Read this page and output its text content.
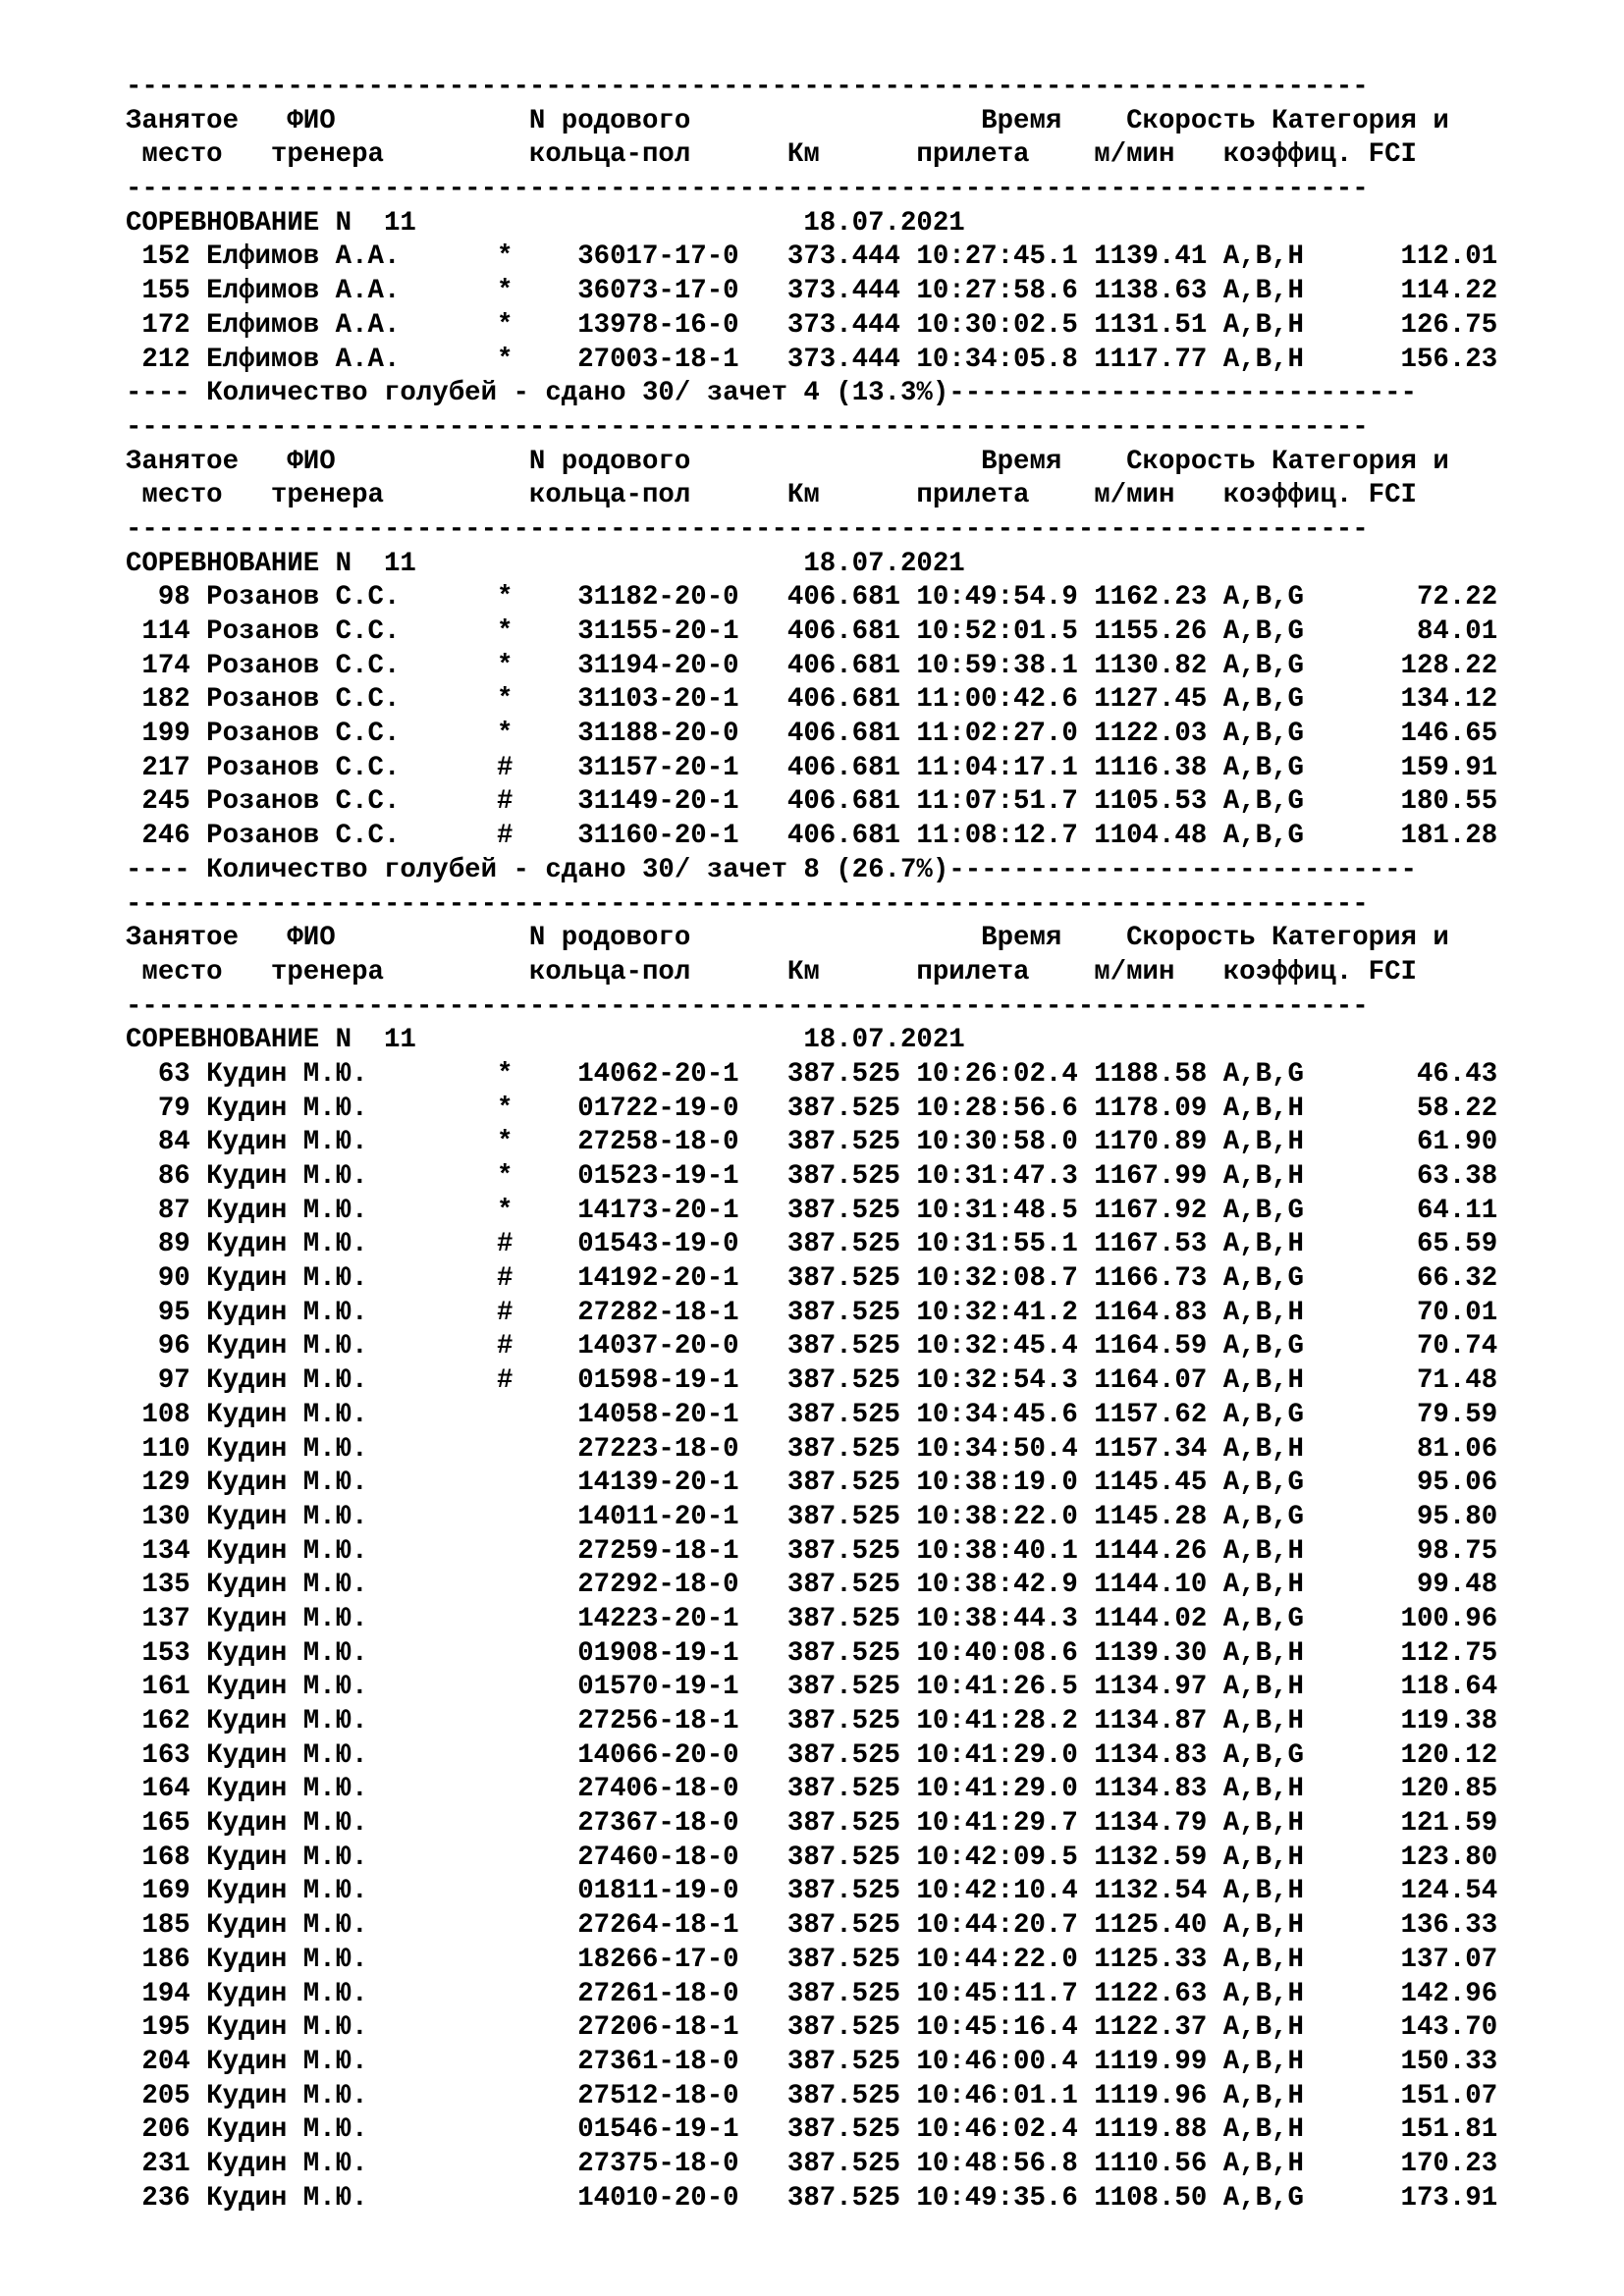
-----------------------------------------------------------------------------
Занятое   ФИО            N родового                  Время    Скорость Категория и
место   тренера         кольца-пол      Км      прилета    м/мин   коэффиц. FCI
-----------------------------------------------------------------------------
СОРЕВНОВАНИЕ N  11                        18.07.2021
152 Елфимов А.А.      *    36017-17-0   373.444 10:27:45.1 1139.41 A,B,H      112.01
155 Елфимов А.А.      *    36073-17-0   373.444 10:27:58.6 1138.63 A,B,H      114.22
172 Елфимов А.А.      *    13978-16-0   373.444 10:30:02.5 1131.51 A,B,H      126.75
212 Елфимов А.А.      *    27003-18-1   373.444 10:34:05.8 1117.77 A,B,H      156.23
---- Количество голубей - сдано 30/ зачет 4 (13.3%)-----------------------------
-----------------------------------------------------------------------------
Занятое   ФИО            N родового                  Время    Скорость Категория и
место   тренера         кольца-пол      Км      прилета    м/мин   коэффиц. FCI
-----------------------------------------------------------------------------
СОРЕВНОВАНИЕ N  11                        18.07.2021
98 Розанов С.С.      *    31182-20-0   406.681 10:49:54.9 1162.23 A,B,G       72.22
114 Розанов С.С.      *    31155-20-1   406.681 10:52:01.5 1155.26 A,B,G       84.01
174 Розанов С.С.      *    31194-20-0   406.681 10:59:38.1 1130.82 A,B,G      128.22
182 Розанов С.С.      *    31103-20-1   406.681 11:00:42.6 1127.45 A,B,G      134.12
199 Розанов С.С.      *    31188-20-0   406.681 11:02:27.0 1122.03 A,B,G      146.65
217 Розанов С.С.      #    31157-20-1   406.681 11:04:17.1 1116.38 A,B,G      159.91
245 Розанов С.С.      #    31149-20-1   406.681 11:07:51.7 1105.53 A,B,G      180.55
246 Розанов С.С.      #    31160-20-1   406.681 11:08:12.7 1104.48 A,B,G      181.28
---- Количество голубей - сдано 30/ зачет 8 (26.7%)-----------------------------
-----------------------------------------------------------------------------
Занятое   ФИО            N родового                  Время    Скорость Категория и
место   тренера         кольца-пол      Км      прилета    м/мин   коэффиц. FCI
-----------------------------------------------------------------------------
СОРЕВНОВАНИЕ N  11                        18.07.2021
63 Кудин М.Ю.        *    14062-20-1   387.525 10:26:02.4 1188.58 A,B,G       46.43
79 Кудин М.Ю.        *    01722-19-0   387.525 10:28:56.6 1178.09 A,B,H       58.22
84 Кудин М.Ю.        *    27258-18-0   387.525 10:30:58.0 1170.89 A,B,H       61.90
86 Кудин М.Ю.        *    01523-19-1   387.525 10:31:47.3 1167.99 A,B,H       63.38
87 Кудин М.Ю.        *    14173-20-1   387.525 10:31:48.5 1167.92 A,B,G       64.11
89 Кудин М.Ю.        #    01543-19-0   387.525 10:31:55.1 1167.53 A,B,H       65.59
90 Кудин М.Ю.        #    14192-20-1   387.525 10:32:08.7 1166.73 A,B,G       66.32
95 Кудин М.Ю.        #    27282-18-1   387.525 10:32:41.2 1164.83 A,B,H       70.01
96 Кудин М.Ю.        #    14037-20-0   387.525 10:32:45.4 1164.59 A,B,G       70.74
97 Кудин М.Ю.        #    01598-19-1   387.525 10:32:54.3 1164.07 A,B,H       71.48
108 Кудин М.Ю.             14058-20-1   387.525 10:34:45.6 1157.62 A,B,G       79.59
110 Кудин М.Ю.             27223-18-0   387.525 10:34:50.4 1157.34 A,B,H       81.06
129 Кудин М.Ю.             14139-20-1   387.525 10:38:19.0 1145.45 A,B,G       95.06
130 Кудин М.Ю.             14011-20-1   387.525 10:38:22.0 1145.28 A,B,G       95.80
134 Кудин М.Ю.             27259-18-1   387.525 10:38:40.1 1144.26 A,B,H       98.75
135 Кудин М.Ю.             27292-18-0   387.525 10:38:42.9 1144.10 A,B,H       99.48
137 Кудин М.Ю.             14223-20-1   387.525 10:38:44.3 1144.02 A,B,G      100.96
153 Кудин М.Ю.             01908-19-1   387.525 10:40:08.6 1139.30 A,B,H      112.75
161 Кудин М.Ю.             01570-19-1   387.525 10:41:26.5 1134.97 A,B,H      118.64
162 Кудин М.Ю.             27256-18-1   387.525 10:41:28.2 1134.87 A,B,H      119.38
163 Кудин М.Ю.             14066-20-0   387.525 10:41:29.0 1134.83 A,B,G      120.12
164 Кудин М.Ю.             27406-18-0   387.525 10:41:29.0 1134.83 A,B,H      120.85
165 Кудин М.Ю.             27367-18-0   387.525 10:41:29.7 1134.79 A,B,H      121.59
168 Кудин М.Ю.             27460-18-0   387.525 10:42:09.5 1132.59 A,B,H      123.80
169 Кудин М.Ю.             01811-19-0   387.525 10:42:10.4 1132.54 A,B,H      124.54
185 Кудин М.Ю.             27264-18-1   387.525 10:44:20.7 1125.40 A,B,H      136.33
186 Кудин М.Ю.             18266-17-0   387.525 10:44:22.0 1125.33 A,B,H      137.07
194 Кудин М.Ю.             27261-18-0   387.525 10:45:11.7 1122.63 A,B,H      142.96
195 Кудин М.Ю.             27206-18-1   387.525 10:45:16.4 1122.37 A,B,H      143.70
204 Кудин М.Ю.             27361-18-0   387.525 10:46:00.4 1119.99 A,B,H      150.33
205 Кудин М.Ю.             27512-18-0   387.525 10:46:01.1 1119.96 A,B,H      151.07
206 Кудин М.Ю.             01546-19-1   387.525 10:46:02.4 1119.88 A,B,H      151.81
231 Кудин М.Ю.             27375-18-0   387.525 10:48:56.8 1110.56 A,B,H      170.23
236 Кудин М.Ю.             14010-20-0   387.525 10:49:35.6 1108.50 A,B,G      173.91
